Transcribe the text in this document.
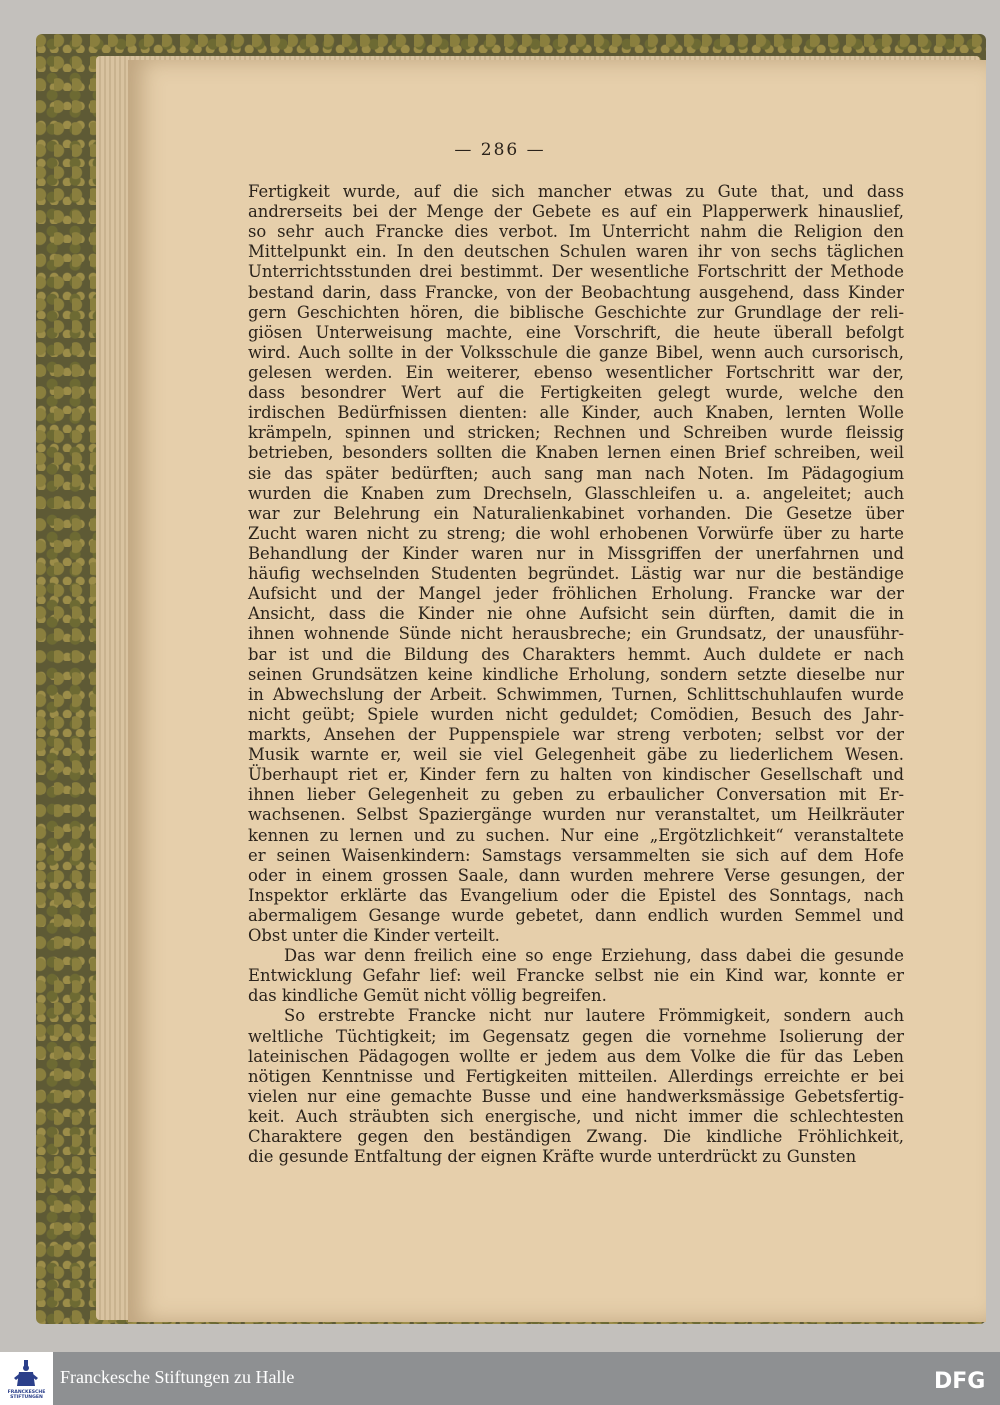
— 286 —
Fertigkeit wurde, auf die sich mancher etwas zu Gute that, und dass
andrerseits bei der Menge der Gebete es auf ein Plapperwerk hinauslief,
so sehr auch Francke dies verbot. Im Unterricht nahm die Religion den
Mittelpunkt ein. In den deutschen Schulen waren ihr von sechs täglichen
Unterrichtsstunden drei bestimmt. Der wesentliche Fortschritt der Methode
bestand darin, dass Francke, von der Beobachtung ausgehend, dass Kinder
gern Geschichten hören, die biblische Geschichte zur Grundlage der reli-
giösen Unterweisung machte, eine Vorschrift, die heute überall befolgt
wird. Auch sollte in der Volksschule die ganze Bibel, wenn auch cursorisch,
gelesen werden. Ein weiterer, ebenso wesentlicher Fortschritt war der,
dass besondrer Wert auf die Fertigkeiten gelegt wurde, welche den
irdischen Bedürfnissen dienten: alle Kinder, auch Knaben, lernten Wolle
krämpeln, spinnen und stricken; Rechnen und Schreiben wurde fleissig
betrieben, besonders sollten die Knaben lernen einen Brief schreiben, weil
sie das später bedürften; auch sang man nach Noten. Im Pädagogium
wurden die Knaben zum Drechseln, Glasschleifen u. a. angeleitet; auch
war zur Belehrung ein Naturalienkabinet vorhanden. Die Gesetze über
Zucht waren nicht zu streng; die wohl erhobenen Vorwürfe über zu harte
Behandlung der Kinder waren nur in Missgriffen der unerfahrnen und
häufig wechselnden Studenten begründet. Lästig war nur die beständige
Aufsicht und der Mangel jeder fröhlichen Erholung. Francke war der
Ansicht, dass die Kinder nie ohne Aufsicht sein dürften, damit die in
ihnen wohnende Sünde nicht herausbreche; ein Grundsatz, der unausführ-
bar ist und die Bildung des Charakters hemmt. Auch duldete er nach
seinen Grundsätzen keine kindliche Erholung, sondern setzte dieselbe nur
in Abwechslung der Arbeit. Schwimmen, Turnen, Schlittschuhlaufen wurde
nicht geübt; Spiele wurden nicht geduldet; Comödien, Besuch des Jahr-
markts, Ansehen der Puppenspiele war streng verboten; selbst vor der
Musik warnte er, weil sie viel Gelegenheit gäbe zu liederlichem Wesen.
Überhaupt riet er, Kinder fern zu halten von kindischer Gesellschaft und
ihnen lieber Gelegenheit zu geben zu erbaulicher Conversation mit Er-
wachsenen. Selbst Spaziergänge wurden nur veranstaltet, um Heilkräuter
kennen zu lernen und zu suchen. Nur eine „Ergötzlichkeit“ veranstaltete
er seinen Waisenkindern: Samstags versammelten sie sich auf dem Hofe
oder in einem grossen Saale, dann wurden mehrere Verse gesungen, der
Inspektor erklärte das Evangelium oder die Epistel des Sonntags, nach
abermaligem Gesange wurde gebetet, dann endlich wurden Semmel und
Obst unter die Kinder verteilt.
Das war denn freilich eine so enge Erziehung, dass dabei die gesunde
Entwicklung Gefahr lief: weil Francke selbst nie ein Kind war, konnte er
das kindliche Gemüt nicht völlig begreifen.
So erstrebte Francke nicht nur lautere Frömmigkeit, sondern auch
weltliche Tüchtigkeit; im Gegensatz gegen die vornehme Isolierung der
lateinischen Pädagogen wollte er jedem aus dem Volke die für das Leben
nötigen Kenntnisse und Fertigkeiten mitteilen. Allerdings erreichte er bei
vielen nur eine gemachte Busse und eine handwerksmässige Gebetsfertig-
keit. Auch sträubten sich energische, und nicht immer die schlechtesten
Charaktere gegen den beständigen Zwang. Die kindliche Fröhlichkeit,
die gesunde Entfaltung der eignen Kräfte wurde unterdrückt zu Gunsten
FRANCKESCHE
STIFTUNGEN
Franckesche Stiftungen zu Halle	DFG
